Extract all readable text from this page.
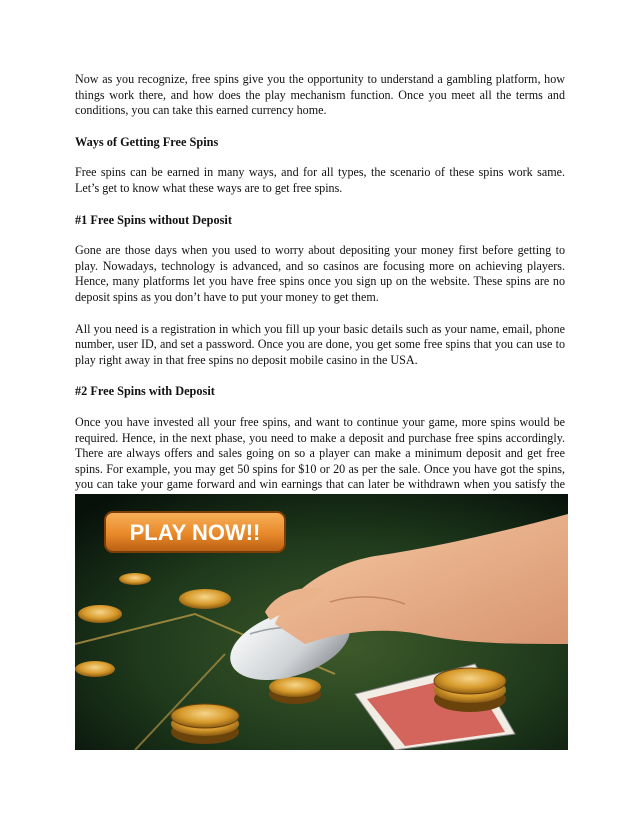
Now as you recognize, free spins give you the opportunity to understand a gambling platform, how things work there, and how does the play mechanism function. Once you meet all the terms and conditions, you can take this earned currency home.

Ways of Getting Free Spins

Free spins can be earned in many ways, and for all types, the scenario of these spins work same. Let’s get to know what these ways are to get free spins.

#1 Free Spins without Deposit

Gone are those days when you used to worry about depositing your money first before getting to play. Nowadays, technology is advanced, and so casinos are focusing more on achieving players. Hence, many platforms let you have free spins once you sign up on the website. These spins are no deposit spins as you don’t have to put your money to get them.

All you need is a registration in which you fill up your basic details such as your name, email, phone number, user ID, and set a password. Once you are done, you get some free spins that you can use to play right away in that free spins no deposit mobile casino in the USA.

#2 Free Spins with Deposit

Once you have invested all your free spins, and want to continue your game, more spins would be required. Hence, in the next phase, you need to make a deposit and purchase free spins accordingly. There are always offers and sales going on so a player can make a minimum deposit and get free spins. For example, you may get 50 spins for $10 or 20 as per the sale. Once you have got the spins, you can take your game forward and win earnings that can later be withdrawn when you satisfy the

PLAY NOW!!
